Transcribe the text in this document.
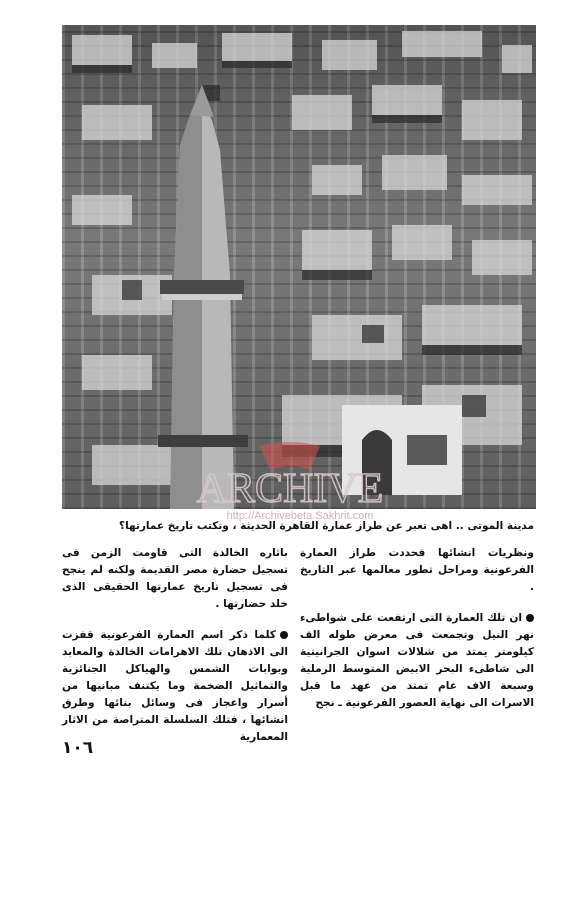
ARCHIVE
http://Archivebeta.Sakhrit.com
مدينة الموتى .. اهى تعبر عن طراز عمارة القاهرة الحديثة ، وتكتب تاريخ عمارتها؟

ونظريات انشائها فحددت طراز العمارة الفرعونية ومراحل تطور معالمها عبر التاريخ .

ان تلك العمارة التى ارتفعت على شواطىء نهر النيل وتجمعت فى معرض طوله الف كيلومتر يمتد من شلالات اسوان الجرانيتية الى شاطىء البحر الابيض المتوسط الرملية وسبعة الاف عام تمتد من عهد ما قبل الاسرات الى نهاية العصور الفرعونية ـ نجح

باثاره الخالدة التى قاومت الزمن فى تسجيل حضارة مصر القديمة ولكنه لم ينجح فى تسجيل تاريخ عمارتها الحقيقى الذى خلد حضارتها .

كلما ذكر اسم العمارة الفرعونية قفزت الى الاذهان تلك الاهرامات الخالدة والمعابد وبوابات الشمس والهياكل الجنائزية والتماثيل الضخمة وما يكتنف مبانيها من أسرار واعجاز فى وسائل بنائها وطرق انشائها ، فتلك السلسلة المتراصة من الاثار المعمارية

١٠٦
